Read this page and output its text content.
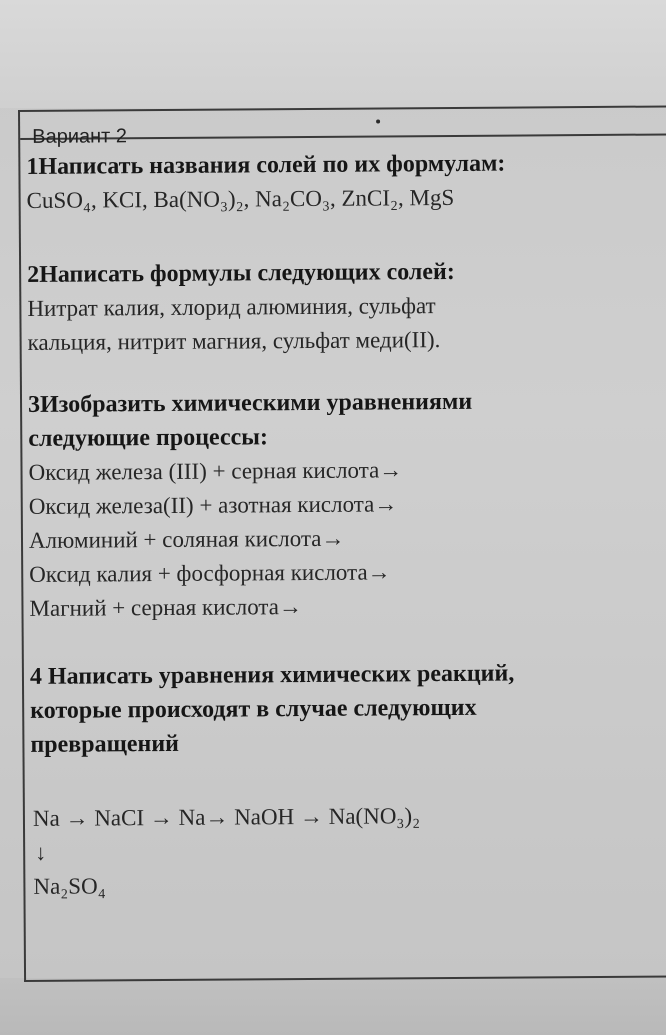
Вариант 2
1Написать названия солей по их формулам:
CuSO₄, KCI, Ba(NO₃)₂, Na₂CO₃, ZnCI₂, MgS
2Написать формулы следующих солей:
Нитрат калия, хлорид алюминия, сульфат
кальция, нитрит магния, сульфат меди(II).
3Изобразить химическими уравнениями
следующие процессы:
Оксид железа (III) + серная кислота→
Оксид железа(II) + азотная кислота→
Алюминий + соляная кислота→
Оксид калия + фосфорная кислота→
Магний + серная кислота→
4 Написать уравнения химических реакций,
которые происходят в случае следующих
превращений
Na → NaCI → Na→ NaOH → Na(NO₃)₂
↓
Na₂SO₄
